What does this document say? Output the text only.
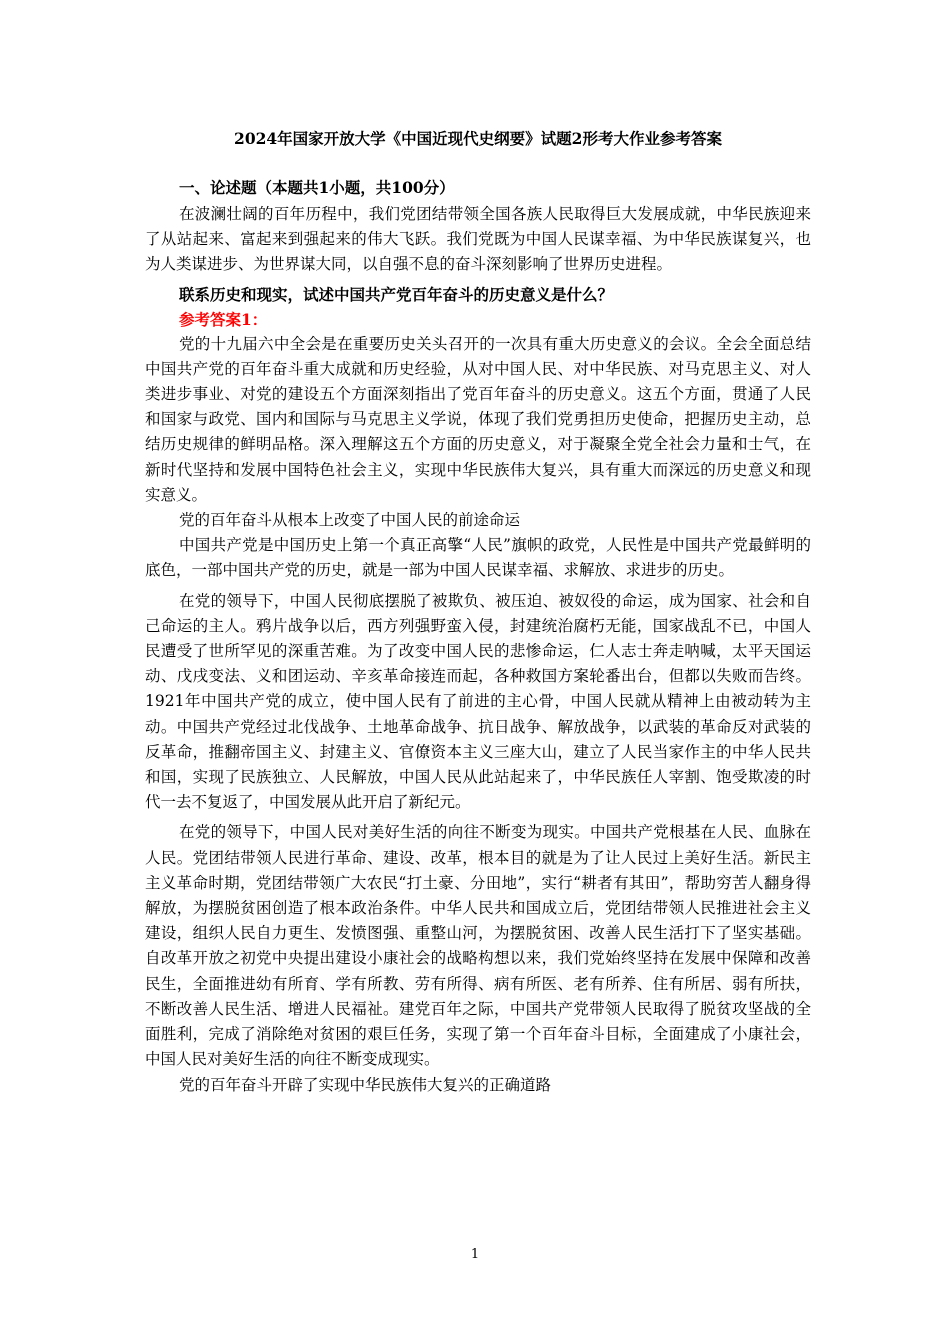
2024年国家开放大学《中国近现代史纲要》试题2形考大作业参考答案
一、论述题（本题共1小题，共100分）

在波澜壮阔的百年历程中，我们党团结带领全国各族人民取得巨大发展成就，中华民族迎来了从站起来、富起来到强起来的伟大飞跃。我们党既为中国人民谋幸福、为中华民族谋复兴，也为人类谋进步、为世界谋大同，以自强不息的奋斗深刻影响了世界历史进程。

联系历史和现实，试述中国共产党百年奋斗的历史意义是什么？
参考答案1：

党的十九届六中全会是在重要历史关头召开的一次具有重大历史意义的会议。全会全面总结中国共产党的百年奋斗重大成就和历史经验，从对中国人民、对中华民族、对马克思主义、对人类进步事业、对党的建设五个方面深刻指出了党百年奋斗的历史意义。这五个方面，贯通了人民和国家与政党、国内和国际与马克思主义学说，体现了我们党勇担历史使命，把握历史主动，总结历史规律的鲜明品格。深入理解这五个方面的历史意义，对于凝聚全党全社会力量和士气，在新时代坚持和发展中国特色社会主义，实现中华民族伟大复兴，具有重大而深远的历史意义和现实意义。

党的百年奋斗从根本上改变了中国人民的前途命运

中国共产党是中国历史上第一个真正高擎“人民”旗帜的政党，人民性是中国共产党最鲜明的底色，一部中国共产党的历史，就是一部为中国人民谋幸福、求解放、求进步的历史。

在党的领导下，中国人民彻底摆脱了被欺负、被压迫、被奴役的命运，成为国家、社会和自己命运的主人。鸦片战争以后，西方列强野蛮入侵，封建统治腐朽无能，国家战乱不已，中国人民遭受了世所罕见的深重苦难。为了改变中国人民的悲惨命运，仁人志士奔走呐喊，太平天国运动、戊戌变法、义和团运动、辛亥革命接连而起，各种救国方案轮番出台，但都以失败而告终。1921年中国共产党的成立，使中国人民有了前进的主心骨，中国人民就从精神上由被动转为主动。中国共产党经过北伐战争、土地革命战争、抗日战争、解放战争，以武装的革命反对武装的反革命，推翻帝国主义、封建主义、官僚资本主义三座大山，建立了人民当家作主的中华人民共和国，实现了民族独立、人民解放，中国人民从此站起来了，中华民族任人宰割、饱受欺凌的时代一去不复返了，中国发展从此开启了新纪元。

在党的领导下，中国人民对美好生活的向往不断变为现实。中国共产党根基在人民、血脉在人民。党团结带领人民进行革命、建设、改革，根本目的就是为了让人民过上美好生活。新民主主义革命时期，党团结带领广大农民“打土豪、分田地”，实行“耕者有其田”，帮助穷苦人翻身得解放，为摆脱贫困创造了根本政治条件。中华人民共和国成立后，党团结带领人民推进社会主义建设，组织人民自力更生、发愤图强、重整山河，为摆脱贫困、改善人民生活打下了坚实基础。自改革开放之初党中央提出建设小康社会的战略构想以来，我们党始终坚持在发展中保障和改善民生，全面推进幼有所育、学有所教、劳有所得、病有所医、老有所养、住有所居、弱有所扶，不断改善人民生活、增进人民福祉。建党百年之际，中国共产党带领人民取得了脱贫攻坚战的全面胜利，完成了消除绝对贫困的艰巨任务，实现了第一个百年奋斗目标，全面建成了小康社会，中国人民对美好生活的向往不断变成现实。

党的百年奋斗开辟了实现中华民族伟大复兴的正确道路
1
